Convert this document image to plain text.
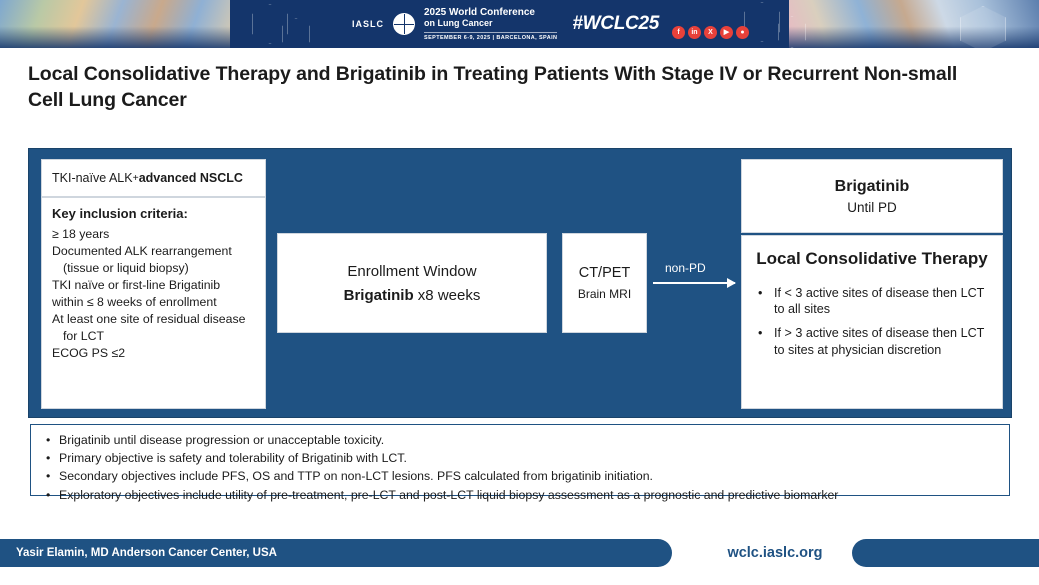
IASLC
2025 World Conference
on Lung Cancer
SEPTEMBER 6-9, 2025 | BARCELONA, SPAIN
#WCLC25	f	in	X	▶	●
Local Consolidative Therapy and Brigatinib in Treating Patients With Stage IV or Recurrent Non-small Cell Lung Cancer
TKI-naïve ALK + advanced NSCLC
Key inclusion criteria:
≥ 18 years
Documented ALK rearrangement
(tissue or liquid biopsy)
TKI naïve or first-line Brigatinib
within ≤ 8 weeks of enrollment
At least one site of residual disease
for LCT
ECOG PS ≤2
Enrollment Window
Brigatinib x8 weeks
CT/PET
Brain MRI
non-PD
Brigatinib
Until PD
Local Consolidative Therapy
• If < 3 active sites of disease then LCT to all sites
• If > 3 active sites of disease then LCT to sites at physician discretion
• Brigatinib until disease progression or unacceptable toxicity.
• Primary objective is safety and tolerability of Brigatinib with LCT.
• Secondary objectives include PFS, OS and TTP on non-LCT lesions. PFS calculated from brigatinib initiation.
• Exploratory objectives include utility of pre-treatment, pre-LCT and post-LCT liquid biopsy assessment as a prognostic and predictive biomarker
Yasir Elamin, MD Anderson Cancer Center, USA	wclc.iaslc.org
